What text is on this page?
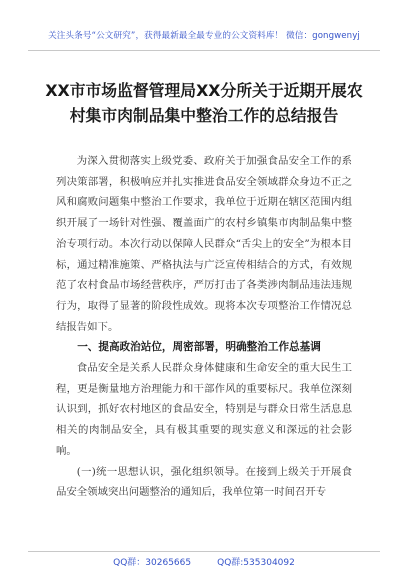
关注头条号“公文研究”，获得最新最全最专业的公文资料库！ 微信：gongwenyj
XX市市场监督管理局XX分所关于近期开展农
村集市肉制品集中整治工作的总结报告

为深入贯彻落实上级党委、政府关于加强食品安全工作的系列决策部署，积极响应并扎实推进食品安全领域群众身边不正之风和腐败问题集中整治工作要求，我单位于近期在辖区范围内组织开展了一场针对性强、覆盖面广的农村乡镇集市肉制品集中整治专项行动。本次行动以保障人民群众“舌尖上的安全”为根本目标，通过精准施策、严格执法与广泛宣传相结合的方式，有效规范了农村食品市场经营秩序，严厉打击了各类涉肉制品违法违规行为，取得了显著的阶段性成效。现将本次专项整治工作情况总结报告如下。

一、提高政治站位，周密部署，明确整治工作总基调

食品安全是关系人民群众身体健康和生命安全的重大民生工程，更是衡量地方治理能力和干部作风的重要标尺。我单位深刻认识到，抓好农村地区的食品安全，特别是与群众日常生活息息相关的肉制品安全，具有极其重要的现实意义和深远的社会影响。

(一)统一思想认识，强化组织领导。在接到上级关于开展食品安全领域突出问题整治的通知后，我单位第一时间召开专

QQ群：30265665	QQ群:535304092
